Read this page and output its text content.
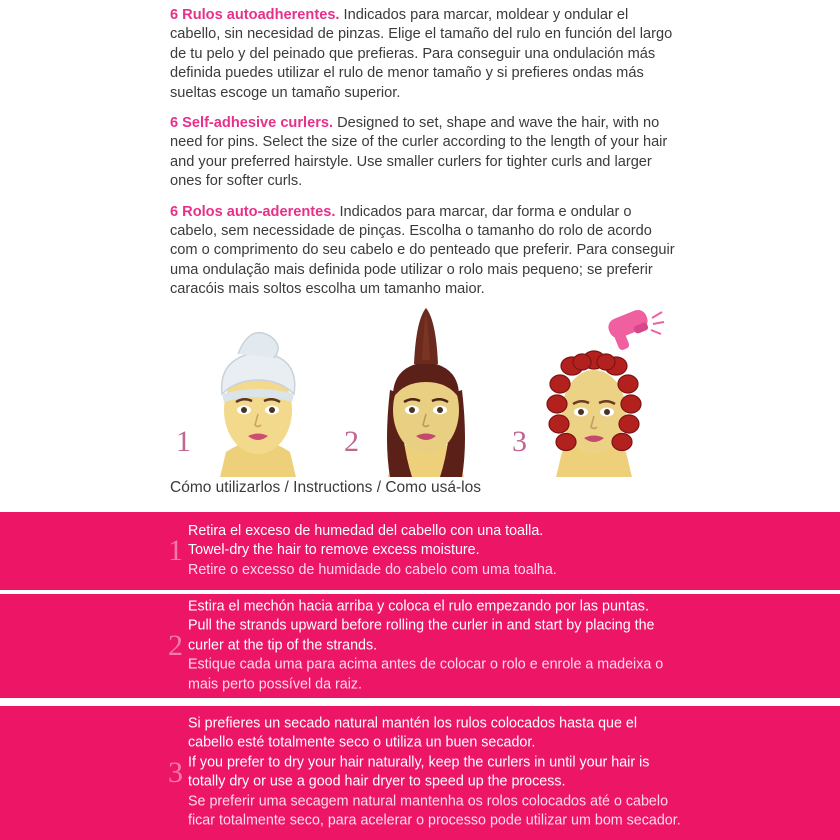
6 Rulos autoadherentes. Indicados para marcar, moldear y ondular el cabello, sin necesidad de pinzas. Elige el tamaño del rulo en función del largo de tu pelo y del peinado que prefieras. Para conseguir una ondulación más definida puedes utilizar el rulo de menor tamaño y si prefieres ondas más sueltas escoge un tamaño superior.

6 Self-adhesive curlers. Designed to set, shape and wave the hair, with no need for pins. Select the size of the curler according to the length of your hair and your preferred hairstyle. Use smaller curlers for tighter curls and larger ones for softer curls.

6 Rolos auto-aderentes. Indicados para marcar, dar forma e ondular o cabelo, sem necessidade de pinças. Escolha o tamanho do rolo de acordo com o comprimento do seu cabelo e do penteado que preferir. Para conseguir uma ondulação mais definida pode utilizar o rolo mais pequeno; se preferir caracóis mais soltos escolha um tamanho maior.

1	2	3
Cómo utilizarlos / Instructions / Como usá-los
1
Retira el exceso de humedad del cabello con una toalla.
Towel-dry the hair to remove excess moisture.
Retire o excesso de humidade do cabelo com uma toalha.
2
Estira el mechón hacia arriba y coloca el rulo empezando por las puntas.
Pull the strands upward before rolling the curler in and start by placing the curler at the tip of the strands.
Estique cada uma para acima antes de colocar o rolo e enrole a madeixa o mais perto possível da raiz.
3
Si prefieres un secado natural mantén los rulos colocados hasta que el cabello esté totalmente seco o utiliza un buen secador.
If you prefer to dry your hair naturally, keep the curlers in until your hair is totally dry or use a good hair dryer to speed up the process.
Se preferir uma secagem natural mantenha os rolos colocados até o cabelo ficar totalmente seco, para acelerar o processo pode utilizar um bom secador.
